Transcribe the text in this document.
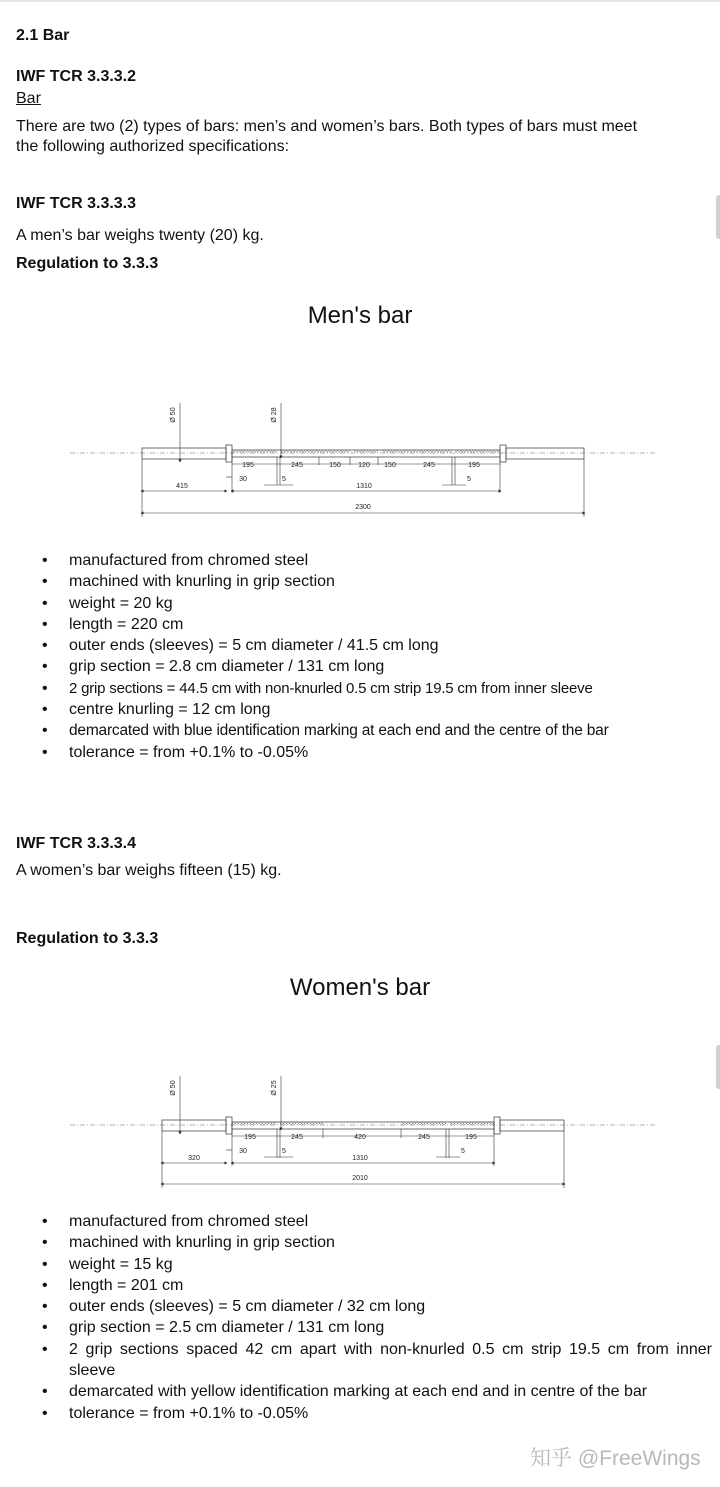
2.1 Bar
IWF TCR 3.3.3.2
Bar
There are two (2) types of bars: men’s and women’s bars. Both types of bars must meet
the following authorized specifications:
IWF TCR 3.3.3.3
A men’s bar weighs twenty (20) kg.
Regulation to 3.3.3
Men's bar
Ø 50	Ø 28
195	245	150 120 150	245	195
30	5	5
415	1310
2300
• manufactured from chromed steel
• machined with knurling in grip section
• weight = 20 kg
• length = 220 cm
• outer ends (sleeves) = 5 cm diameter / 41.5 cm long
• grip section = 2.8 cm diameter / 131 cm long
• 2 grip sections = 44.5 cm with non-knurled 0.5 cm strip 19.5 cm from inner sleeve
• centre knurling = 12 cm long
• demarcated with blue identification marking at each end and the centre of the bar
• tolerance = from +0.1% to -0.05%
IWF TCR 3.3.3.4
A women’s bar weighs fifteen (15) kg.
Regulation to 3.3.3
Women's bar
Ø 50	Ø 25
195	245	420	245	195
30	5	5
320	1310
2010
• manufactured from chromed steel
• machined with knurling in grip section
• weight = 15 kg
• length = 201 cm
• outer ends (sleeves) = 5 cm diameter / 32 cm long
• grip section = 2.5 cm diameter / 131 cm long
• 2 grip sections spaced 42 cm apart with non-knurled 0.5 cm strip 19.5 cm from inner sleeve
• demarcated with yellow identification marking at each end and in centre of the bar
• tolerance = from +0.1% to -0.05%
知乎 @FreeWings
